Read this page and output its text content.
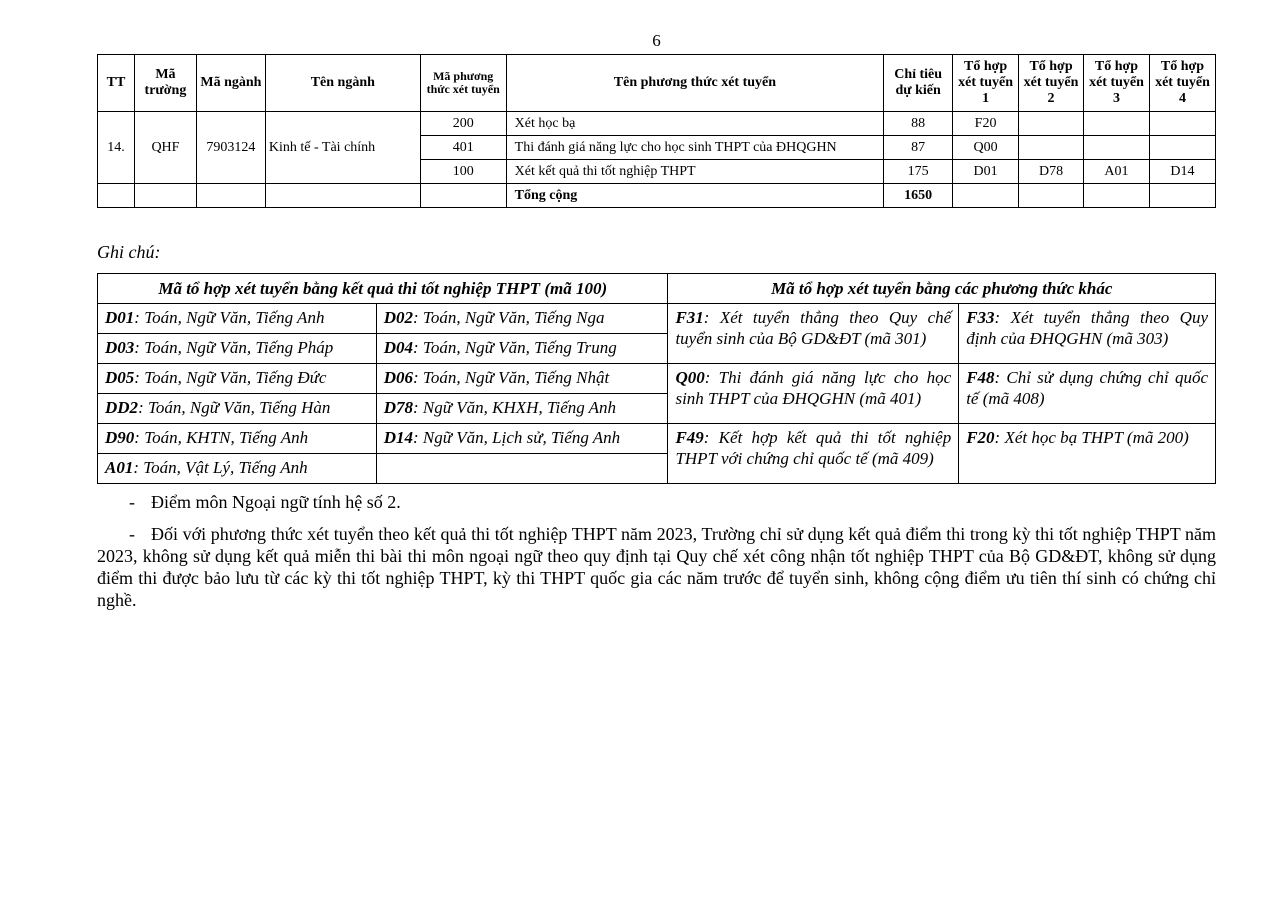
6
TT	Mã trường	Mã ngành	Tên ngành	Mã phương thức xét tuyển	Tên phương thức xét tuyển	Chỉ tiêu dự kiến	Tổ hợp xét tuyển 1	Tổ hợp xét tuyển 2	Tổ hợp xét tuyển 3	Tổ hợp xét tuyển 4
14.	QHF	7903124	Kinh tế - Tài chính	200	Xét học bạ	88	F20			
				401	Thi đánh giá năng lực cho học sinh THPT của ĐHQGHN	87	Q00			
				100	Xét kết quả thi tốt nghiệp THPT	175	D01	D78	A01	D14
					Tổng cộng	1650				
Ghi chú:
Mã tổ hợp xét tuyển bằng kết quả thi tốt nghiệp THPT (mã 100)		Mã tổ hợp xét tuyển bằng các phương thức khác	
D01: Toán, Ngữ Văn, Tiếng Anh	D02: Toán, Ngữ Văn, Tiếng Nga	F31: Xét tuyển thẳng theo Quy chế tuyển sinh của Bộ GD&ĐT (mã 301)	F33: Xét tuyển thẳng theo Quy định của ĐHQGHN (mã 303)
D03: Toán, Ngữ Văn, Tiếng Pháp	D04: Toán, Ngữ Văn, Tiếng Trung		
D05: Toán, Ngữ Văn, Tiếng Đức	D06: Toán, Ngữ Văn, Tiếng Nhật	Q00: Thi đánh giá năng lực cho học sinh THPT của ĐHQGHN (mã 401)	F48: Chỉ sử dụng chứng chỉ quốc tế (mã 408)
DD2: Toán, Ngữ Văn, Tiếng Hàn	D78: Ngữ Văn, KHXH, Tiếng Anh		
D90: Toán, KHTN, Tiếng Anh	D14: Ngữ Văn, Lịch sử, Tiếng Anh	F49: Kết hợp kết quả thi tốt nghiệp THPT với chứng chỉ quốc tế (mã 409)	F20: Xét học bạ THPT (mã 200)
A01: Toán, Vật Lý, Tiếng Anh			
- Điểm môn Ngoại ngữ tính hệ số 2.
- Đối với phương thức xét tuyển theo kết quả thi tốt nghiệp THPT năm 2023, Trường chỉ sử dụng kết quả điểm thi trong kỳ thi tốt nghiệp THPT năm 2023, không sử dụng kết quả miễn thi bài thi môn ngoại ngữ theo quy định tại Quy chế xét công nhận tốt nghiệp THPT của Bộ GD&ĐT, không sử dụng điểm thi được bảo lưu từ các kỳ thi tốt nghiệp THPT, kỳ thi THPT quốc gia các năm trước để tuyển sinh, không cộng điểm ưu tiên thí sinh có chứng chỉ nghề.
